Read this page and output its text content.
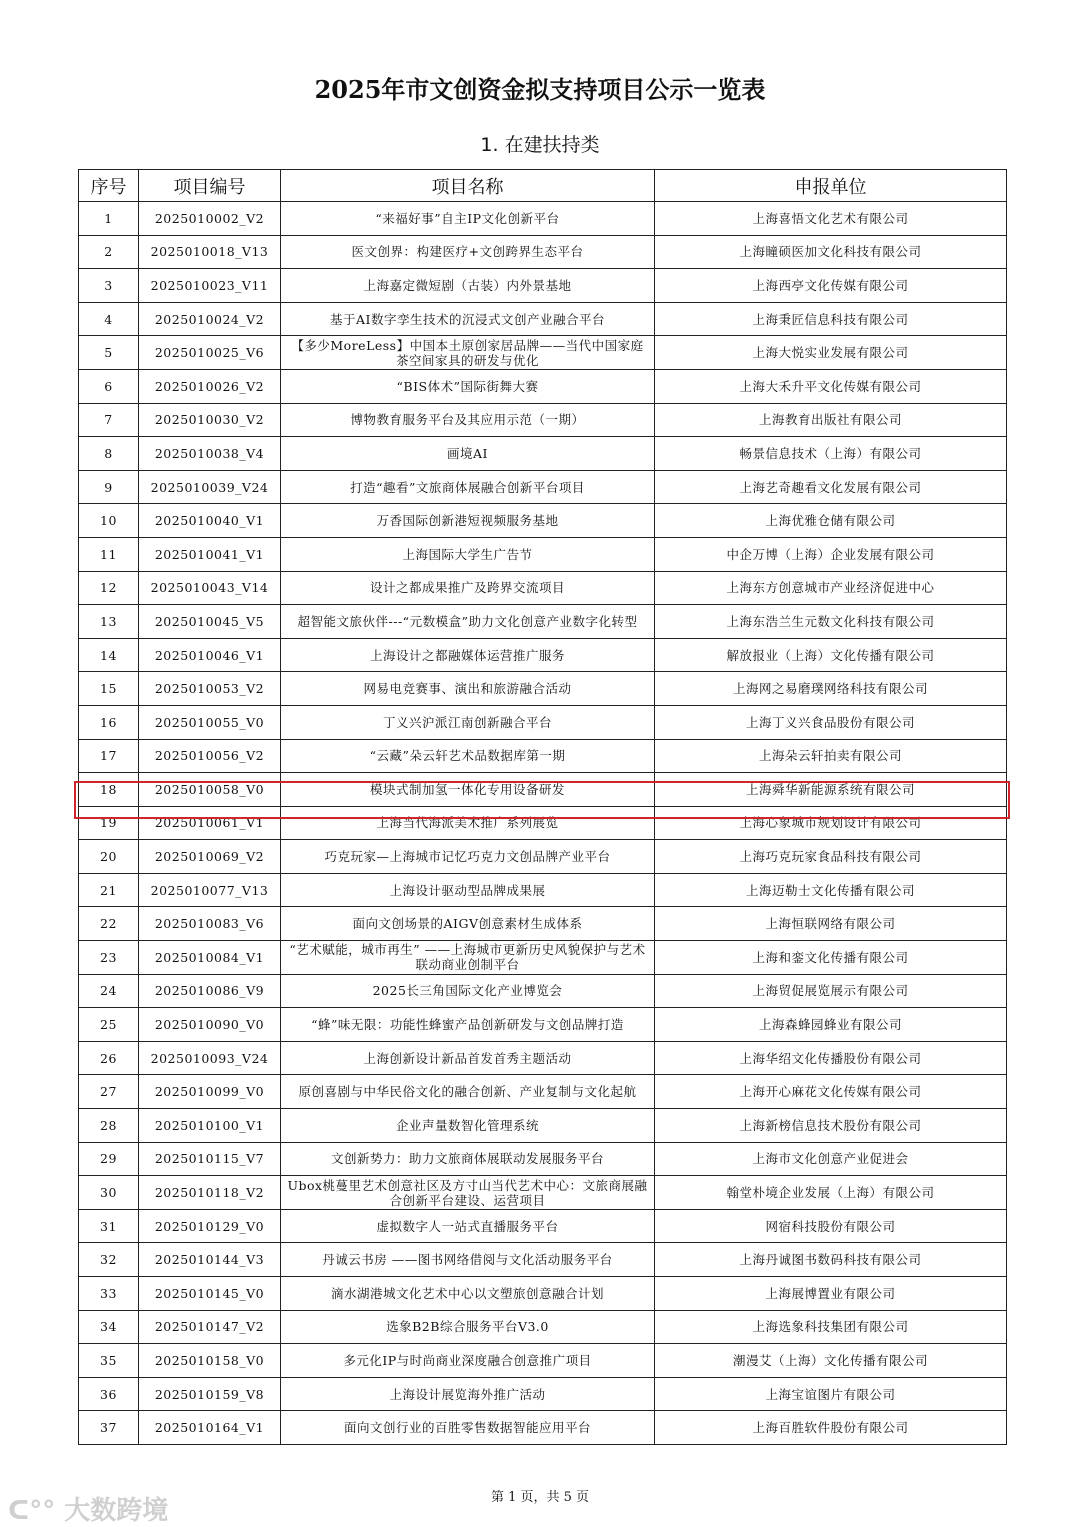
2025年市文创资金拟支持项目公示一览表
1. 在建扶持类
序号	项目编号	项目名称	申报单位
1	2025010002_V2	“来福好事”自主IP文化创新平台	上海喜悟文化艺术有限公司
2	2025010018_V13	医文创界：构建医疗+文创跨界生态平台	上海瞳硕医加文化科技有限公司
3	2025010023_V11	上海嘉定微短剧（古装）内外景基地	上海西亭文化传媒有限公司
4	2025010024_V2	基于AI数字孪生技术的沉浸式文创产业融合平台	上海秉匠信息科技有限公司
5	2025010025_V6	【多少MoreLess】中国本土原创家居品牌——当代中国家庭茶空间家具的研发与优化	上海大悦实业发展有限公司
6	2025010026_V2	“BIS体术”国际街舞大赛	上海大禾升平文化传媒有限公司
7	2025010030_V2	博物教育服务平台及其应用示范（一期）	上海教育出版社有限公司
8	2025010038_V4	画境AI	畅景信息技术（上海）有限公司
9	2025010039_V24	打造“趣看”文旅商体展融合创新平台项目	上海艺奇趣看文化发展有限公司
10	2025010040_V1	万香国际创新港短视频服务基地	上海优雅仓储有限公司
11	2025010041_V1	上海国际大学生广告节	中企万博（上海）企业发展有限公司
12	2025010043_V14	设计之都成果推广及跨界交流项目	上海东方创意城市产业经济促进中心
13	2025010045_V5	超智能文旅伙伴---“元数模盒”助力文化创意产业数字化转型	上海东浩兰生元数文化科技有限公司
14	2025010046_V1	上海设计之都融媒体运营推广服务	解放报业（上海）文化传播有限公司
15	2025010053_V2	网易电竞赛事、演出和旅游融合活动	上海网之易磨璞网络科技有限公司
16	2025010055_V0	丁义兴沪派江南创新融合平台	上海丁义兴食品股份有限公司
17	2025010056_V2	“云藏”朵云轩艺术品数据库第一期	上海朵云轩拍卖有限公司
18	2025010058_V0	模块式制加氢一体化专用设备研发	上海舜华新能源系统有限公司
19	2025010061_V1	上海当代海派美术推广系列展览	上海心象城市规划设计有限公司
20	2025010069_V2	巧克玩家—上海城市记忆巧克力文创品牌产业平台	上海巧克玩家食品科技有限公司
21	2025010077_V13	上海设计驱动型品牌成果展	上海迈勒士文化传播有限公司
22	2025010083_V6	面向文创场景的AIGV创意素材生成体系	上海恒联网络有限公司
23	2025010084_V1	“艺术赋能，城市再生” ——上海城市更新历史风貌保护与艺术联动商业创制平台	上海和銮文化传播有限公司
24	2025010086_V9	2025长三角国际文化产业博览会	上海贸促展览展示有限公司
25	2025010090_V0	“蜂”味无限：功能性蜂蜜产品创新研发与文创品牌打造	上海森蜂园蜂业有限公司
26	2025010093_V24	上海创新设计新品首发首秀主题活动	上海华绍文化传播股份有限公司
27	2025010099_V0	原创喜剧与中华民俗文化的融合创新、产业复制与文化起航	上海开心麻花文化传媒有限公司
28	2025010100_V1	企业声量数智化管理系统	上海新榜信息技术股份有限公司
29	2025010115_V7	文创新势力：助力文旅商体展联动发展服务平台	上海市文化创意产业促进会
30	2025010118_V2	Ubox桃蔓里艺术创意社区及方寸山当代艺术中心：文旅商展融合创新平台建设、运营项目	翰堂朴境企业发展（上海）有限公司
31	2025010129_V0	虚拟数字人一站式直播服务平台	网宿科技股份有限公司
32	2025010144_V3	丹诚云书房 ——图书网络借阅与文化活动服务平台	上海丹诚图书数码科技有限公司
33	2025010145_V0	滴水湖港城文化艺术中心以文塑旅创意融合计划	上海展博置业有限公司
34	2025010147_V2	选象B2B综合服务平台V3.0	上海选象科技集团有限公司
35	2025010158_V0	多元化IP与时尚商业深度融合创意推广项目	潮漫艾（上海）文化传播有限公司
36	2025010159_V8	上海设计展览海外推广活动	上海宝谊图片有限公司
37	2025010164_V1	面向文创行业的百胜零售数据智能应用平台	上海百胜软件股份有限公司
第 1 页，共 5 页
ᑕ°° 大数跨境
